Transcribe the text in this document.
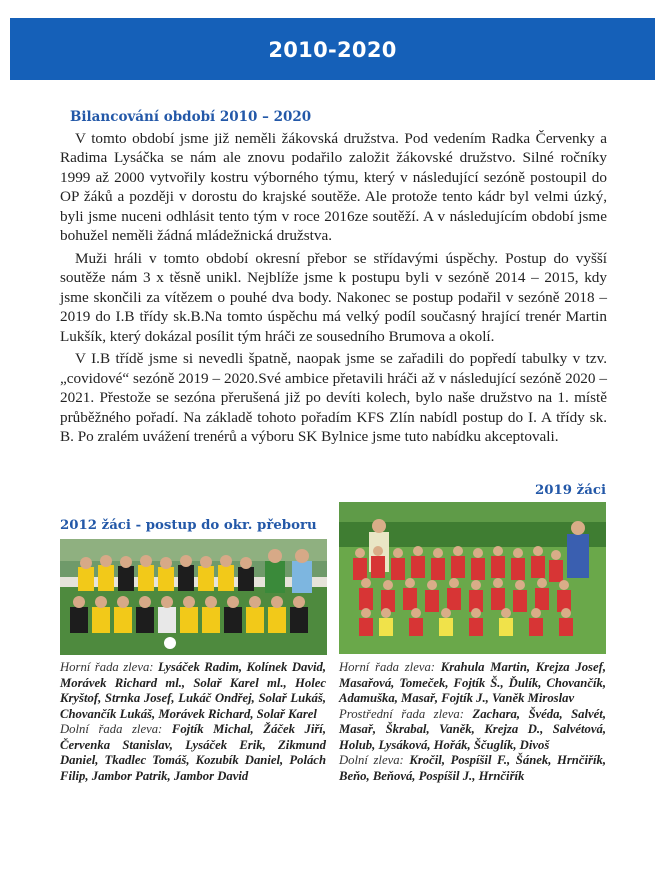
2010-2020
Bilancování období 2010 – 2020

V tomto období jsme již neměli žákovská družstva. Pod vedením Radka Červenky a Radima Lysáčka se nám ale znovu podařilo založit žákovské družstvo. Silné ročníky 1999 až 2000 vytvořily kostru výborného týmu, který v následující sezóně postoupil do OP žáků a později v dorostu do krajské soutěže. Ale protože tento kádr byl velmi úzký, byli jsme nuceni odhlásit tento tým v roce 2016ze soutěží. A v následujícím období jsme bohužel neměli žádná mládežnická družstva.

Muži hráli v tomto období okresní přebor se střídavými úspěchy. Postup do vyšší soutěže nám 3 x těsně unikl. Nejblíže jsme k postupu byli v sezóně 2014 – 2015, kdy jsme skončili za vítězem o pouhé dva body. Nakonec se postup podařil v sezóně 2018 – 2019 do I.B třídy sk.B.Na tomto úspěchu má velký podíl současný hrající trenér Martin Lukšík, který dokázal posílit tým hráči ze sousedního Brumova a okolí.

V I.B třídě jsme si nevedli špatně, naopak jsme se zařadili do popředí tabulky v tzv. „covidové“ sezóně 2019 – 2020.Své ambice přetavili hráči až v následující sezóně 2020 – 2021. Přestože se sezóna přerušená již po devíti kolech, bylo naše družstvo na 1. místě průběžného pořadí. Na základě tohoto pořadím KFS Zlín nabídl postup do I. A třídy sk. B. Po zralém uvážení trenérů a výboru SK Bylnice jsme tuto nabídku akceptovali.

2019 žáci
2012 žáci - postup do okr. přeboru
Horní řada zleva: Lysáček Radim, Kolínek David, Morávek Richard ml., Solař Karel ml., Holec Kryštof, Strnka Josef, Lukáč Ondřej, Solař Lukáš, Chovančík Lukáš, Morávek Richard, Solař Karel
Dolní řada zleva: Fojtík Michal, Žáček Jiří, Červenka Stanislav, Lysáček Erik, Zikmund Daniel, Tkadlec Tomáš, Kozubík Daniel, Polách Filip, Jambor Patrik, Jambor David
Horní řada zleva: Krahula Martin, Krejza Josef, Masařová, Tomeček, Fojtík Š., Ďulík, Chovančík, Adamuška, Masař, Fojtík J., Vaněk Miroslav
Prostřední řada zleva: Zachara, Švéda, Salvét, Masař, Škrabal, Vaněk, Krejza D., Salvétová, Holub, Lysáková, Hořák, Ščuglík, Divoš
Dolní zleva: Kročil, Pospíšil F., Šánek, Hrnčiřík, Beňo, Beňová, Pospíšil J., Hrnčiřík
